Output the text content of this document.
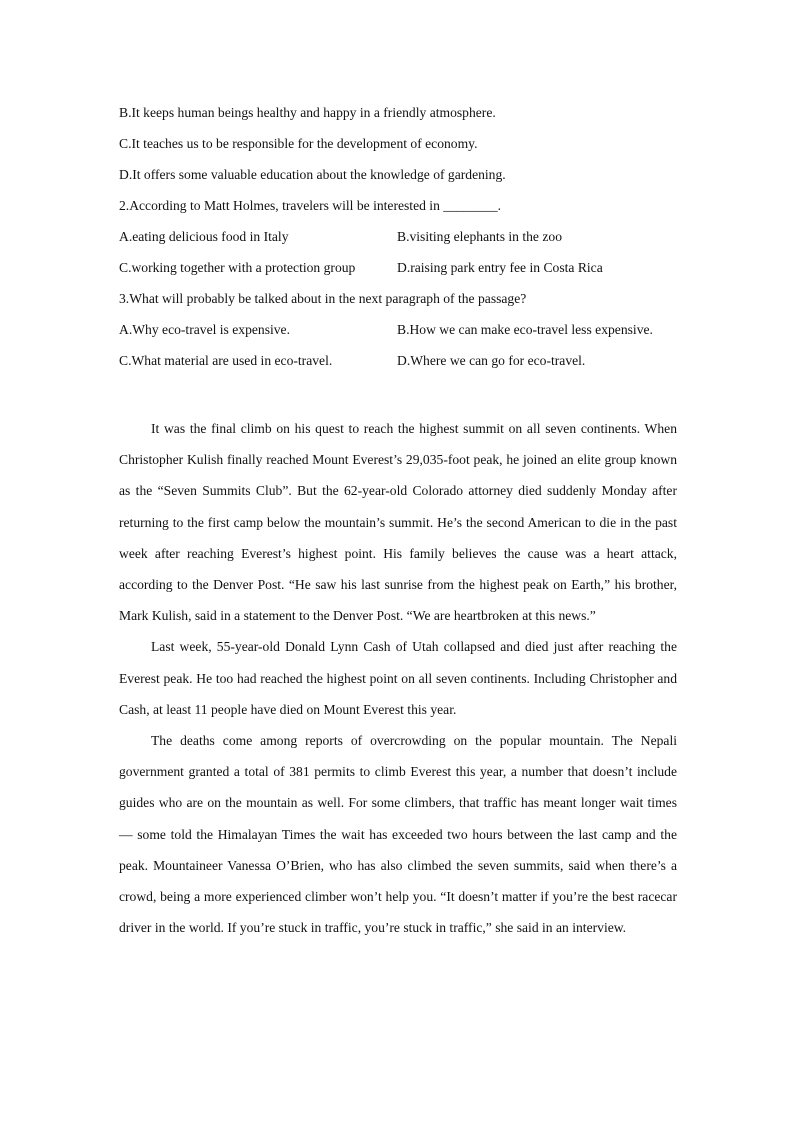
B.It keeps human beings healthy and happy in a friendly atmosphere.
C.It teaches us to be responsible for the development of economy.
D.It offers some valuable education about the knowledge of gardening.
2.According to Matt Holmes, travelers will be interested in ________.
A.eating delicious food in Italy	B.visiting elephants in the zoo
C.working together with a protection group	D.raising park entry fee in Costa Rica
3.What will probably be talked about in the next paragraph of the passage?
A.Why eco-travel is expensive.	B.How we can make eco-travel less expensive.
C.What material are used in eco-travel.	D.Where we can go for eco-travel.

It was the final climb on his quest to reach the highest summit on all seven continents. When Christopher Kulish finally reached Mount Everest’s 29,035-foot peak, he joined an elite group known as the “Seven Summits Club”. But the 62-year-old Colorado attorney died suddenly Monday after returning to the first camp below the mountain’s summit. He’s the second American to die in the past week after reaching Everest’s highest point. His family believes the cause was a heart attack, according to the Denver Post. “He saw his last sunrise from the highest peak on Earth,” his brother, Mark Kulish, said in a statement to the Denver Post. “We are heartbroken at this news.”

Last week, 55-year-old Donald Lynn Cash of Utah collapsed and died just after reaching the Everest peak. He too had reached the highest point on all seven continents. Including Christopher and Cash, at least 11 people have died on Mount Everest this year.

The deaths come among reports of overcrowding on the popular mountain. The Nepali government granted a total of 381 permits to climb Everest this year, a number that doesn’t include guides who are on the mountain as well. For some climbers, that traffic has meant longer wait times — some told the Himalayan Times the wait has exceeded two hours between the last camp and the peak. Mountaineer Vanessa O’Brien, who has also climbed the seven summits, said when there’s a crowd, being a more experienced climber won’t help you. “It doesn’t matter if you’re the best racecar driver in the world. If you’re stuck in traffic, you’re stuck in traffic,” she said in an interview.
